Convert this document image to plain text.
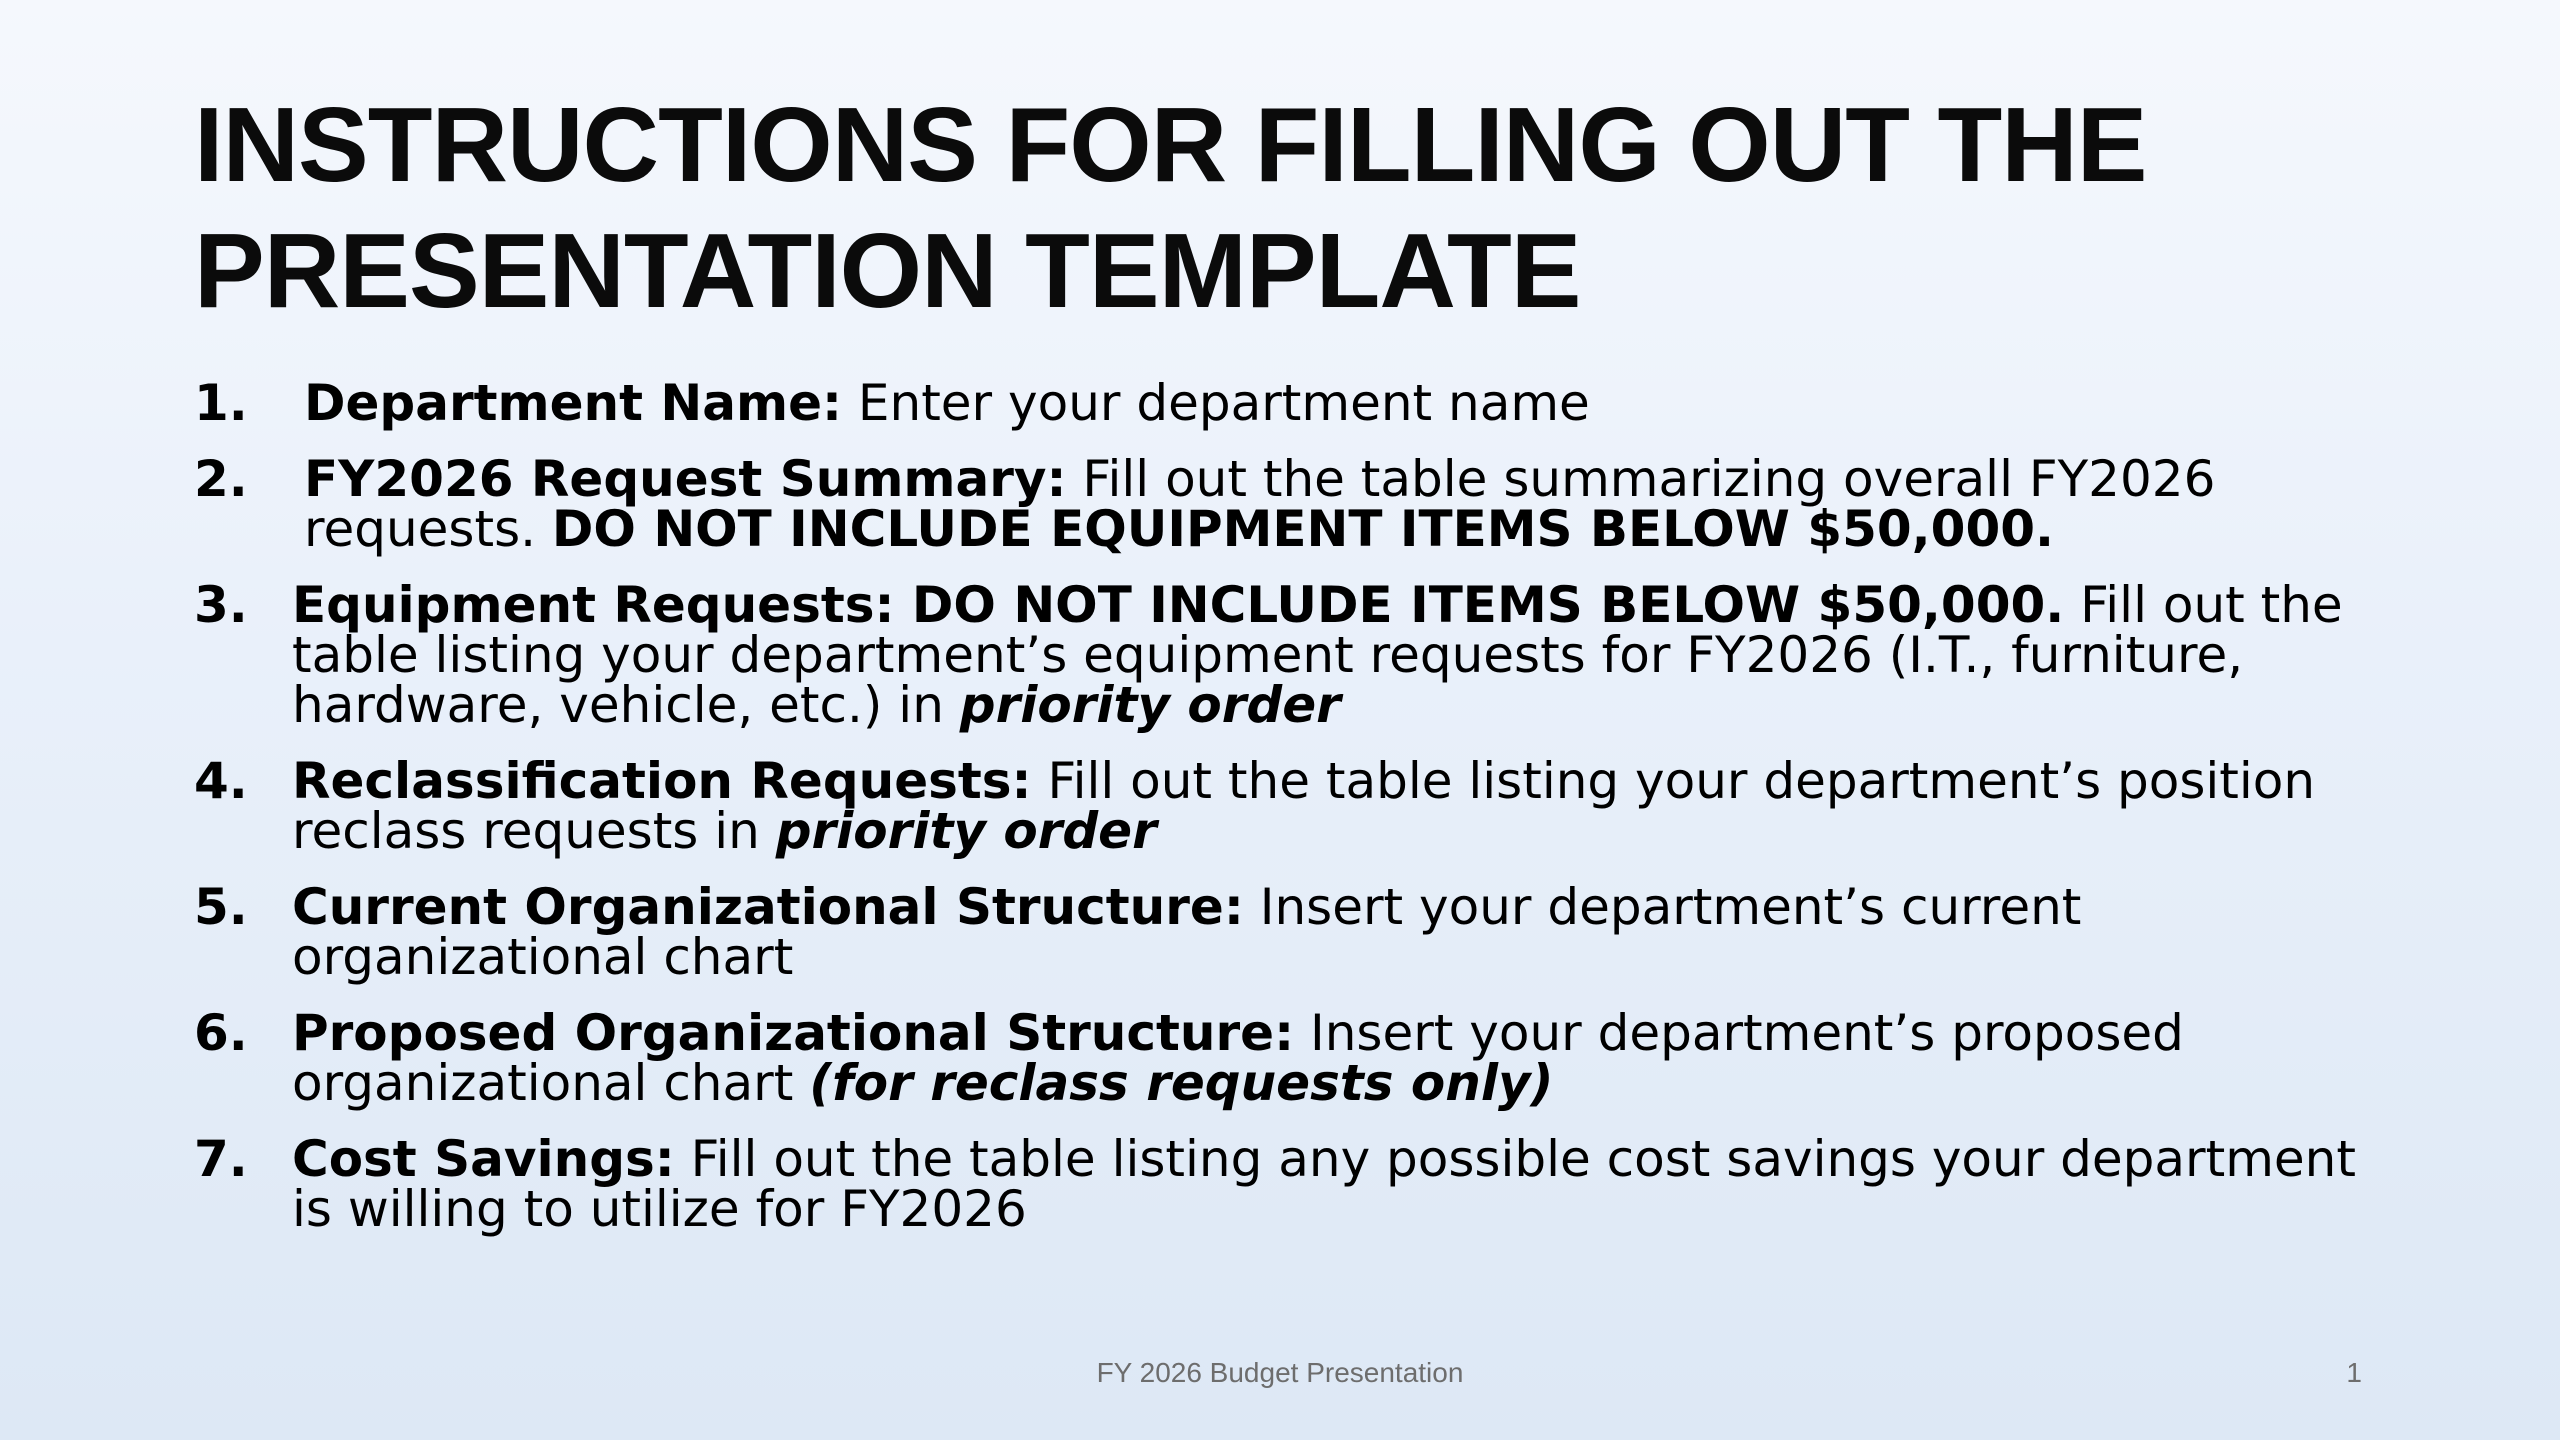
INSTRUCTIONS FOR FILLING OUT THE PRESENTATION TEMPLATE
1.	Department Name: Enter your department name
2.	FY2026 Request Summary: Fill out the table summarizing overall FY2026 requests. DO NOT INCLUDE EQUIPMENT ITEMS BELOW $50,000.
3. Equipment Requests: DO NOT INCLUDE ITEMS BELOW $50,000. Fill out the table listing your department’s equipment requests for FY2026 (I.T., furniture, hardware, vehicle, etc.) in priority order
4. Reclassification Requests: Fill out the table listing your department’s position reclass requests in priority order
5. Current Organizational Structure: Insert your department’s current organizational chart
6. Proposed Organizational Structure: Insert your department’s proposed organizational chart (for reclass requests only)
7. Cost Savings: Fill out the table listing any possible cost savings your department is willing to utilize for FY2026
FY 2026 Budget Presentation	1
